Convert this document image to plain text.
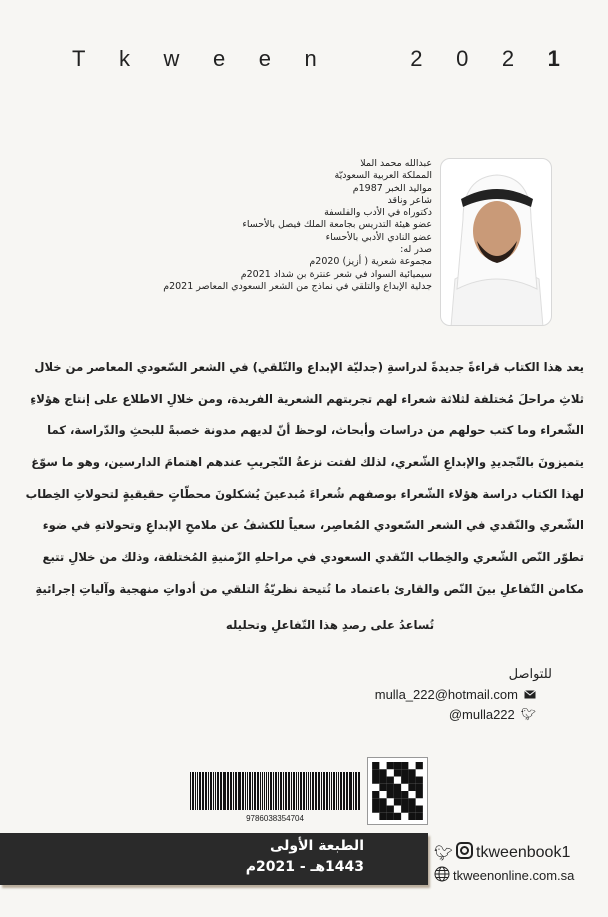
T k w e e n	2 0 2 1
عبدالله محمد الملا
المملكة العربية السعوديّة
مواليد الخبر 1987م
شاعر وناقد
دكتوراه في الأدب والفلسفة
عضو هيئة التدريس بجامعة الملك فيصل بالأحساء
عضو النادي الأدبي بالأحساء
صدر له:
مجموعة شعرية ( أزيز) 2020م
سيميائية السواد في شعر عنترة بن شداد 2021م
جدلية الإبداع والتلقي في نماذج من الشعر السعودي المعاصر 2021م
يعد هذا الكتاب قراءةً جديدةً لدراسةِ (جدليّة الإبداع والتّلقي) في الشعر السّعودي المعاصر من خلال
ثلاثِ مراحلَ مُختلفة لثلاثة شعراء لهم تجربتهم الشعرية الفريدة، ومن خلالِ الاطلاع على إنتاج هؤلاءِ
الشّعراء وما كتب حولهم من دراسات وأبحاث، لوحظ أنّ لديهم مدونة خصبةً للبحثِ والدّراسة، كما
يتميزونَ بالتّجديدِ والإبداعِ الشّعري، لذلك لفتت نزعةُ التّجريبِ عندهم اهتمامَ الدارسين، وهو ما سوّغ
لهذا الكتاب دراسة هؤلاء الشّعراء بوصفهم شُعراءَ مُبدعينَ يُشكلونَ محطّاتٍ حقيقيةٍ لتحولاتِ الخِطاب
الشّعري والنّقدي في الشعر السّعودي المُعاصِر، سعياً للكشفُ عن ملامحِ الإبداعِ وتحولاتهِ في ضوء
تطوّر النّص الشّعري والخِطاب النّقدي السعودي في مراحلهِ الزّمنيةِ المُختلفة، وذلك من خلالِ تتبع
مكامن التّفاعلِ بينَ النّص والقارئ باعتماد ما تُتيحة نظريّةُ التلقي من أدواتِ منهجية وآلياتِ إجرائيةِ
تُساعدُ على رصدِ هذا التّفاعلِ وتحليله
للتواصل
mulla_222@hotmail.com
@mulla222 🐦︎
9786038354704
الطبعة الأولى
1443هـ - 2021م
🐦︎ tkweenbook1
tkweenonline.com.sa
